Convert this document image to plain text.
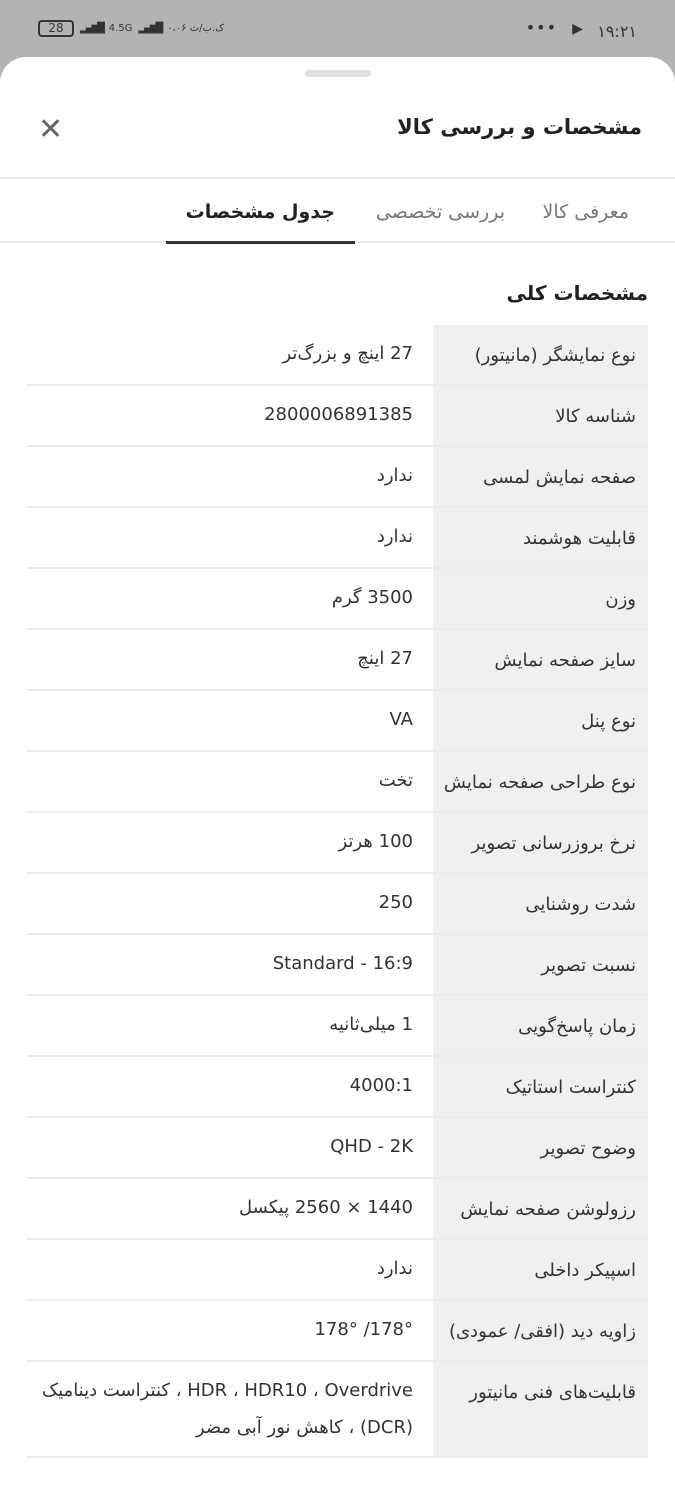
۱۹:۲۱
▶
•••
28	▂▄▆█ 4.5G ▂▄▆█ ۰،۰۶ ک.ب/ث
مشخصات و بررسی کالا
✕
معرفی کالا
بررسی تخصصی
جدول مشخصات
مشخصات کلی
نوع نمایشگر (مانیتور)
27 اینچ و بزرگ‌تر
شناسه کالا
2800006891385
صفحه نمایش لمسی
ندارد
قابلیت هوشمند
ندارد
وزن
3500 گرم
سایز صفحه نمایش
27 اینچ
نوع پنل
VA
نوع طراحی صفحه نمایش
تخت
نرخ بروزرسانی تصویر
100 هرتز
شدت روشنایی
250
نسبت تصویر
16:9 - Standard
زمان پاسخ‌گویی
1 میلی‌ثانیه
کنتراست استاتیک
4000:1
وضوح تصویر
QHD - 2K
رزولوشن صفحه نمایش
1440 × 2560 پیکسل
اسپیکر داخلی
ندارد
زاویه دید (افقی/ عمودی)
178°/ 178°
قابلیت‌های فنی مانیتور
HDR ، HDR10 ، Overdrive ، کنتراست دینامیک (DCR) ، کاهش نور آبی مضر
